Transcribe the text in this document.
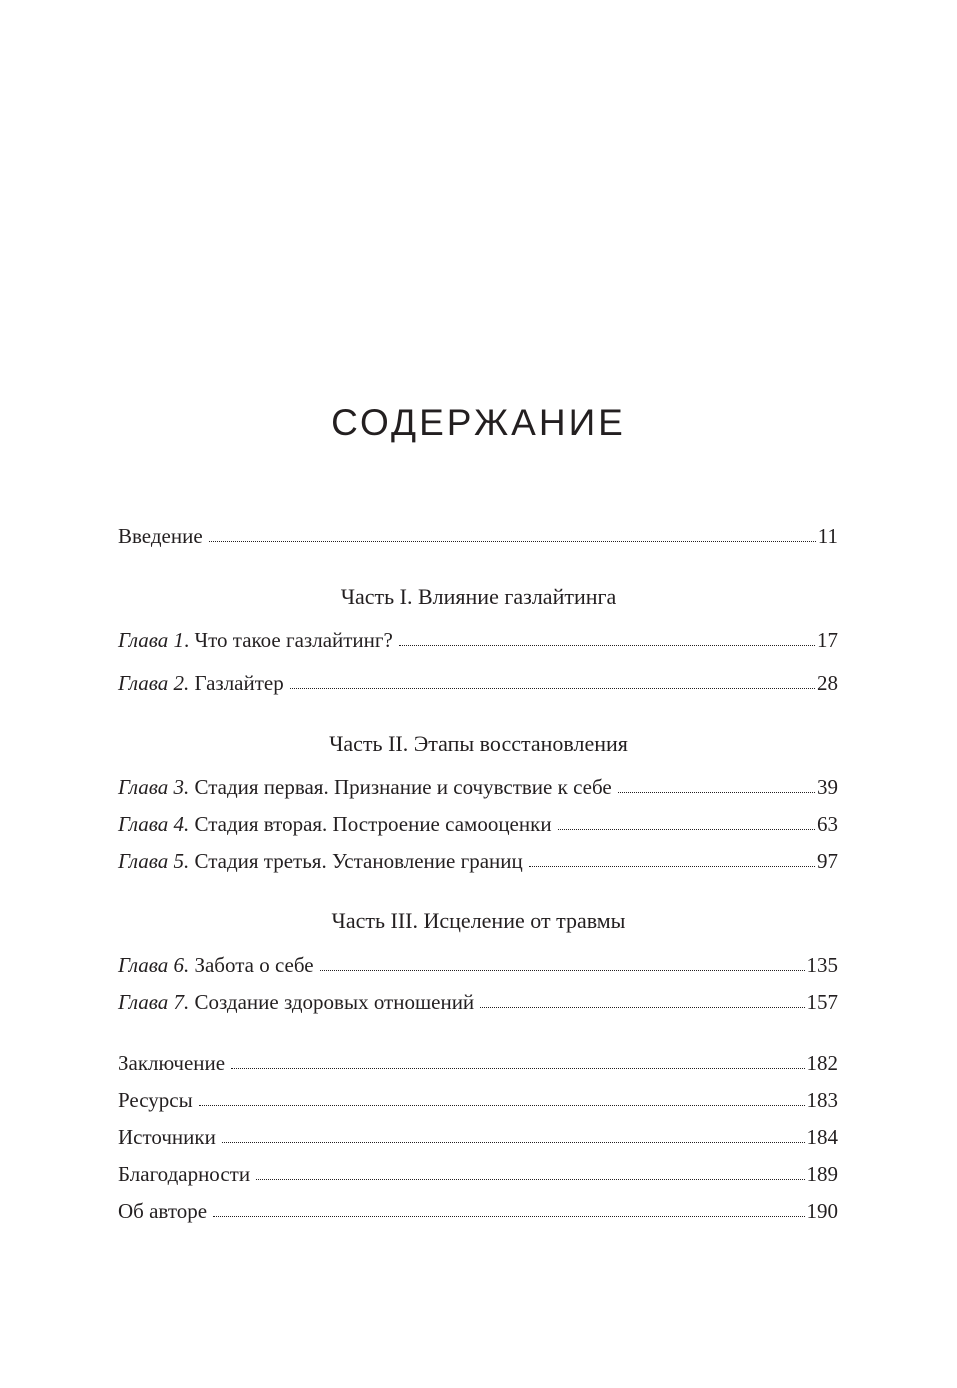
СОДЕРЖАНИЕ
Введение	11
Часть I. Влияние газлайтинга
Глава 1. Что такое газлайтинг?	17
Глава 2. Газлайтер	28
Часть II. Этапы восстановления
Глава 3. Стадия первая. Признание и сочувствие к себе	39
Глава 4. Стадия вторая. Построение самооценки	63
Глава 5. Стадия третья. Установление границ	97
Часть III. Исцеление от травмы
Глава 6. Забота о себе	135
Глава 7. Создание здоровых отношений	157
Заключение	182
Ресурсы	183
Источники	184
Благодарности	189
Об авторе	190
